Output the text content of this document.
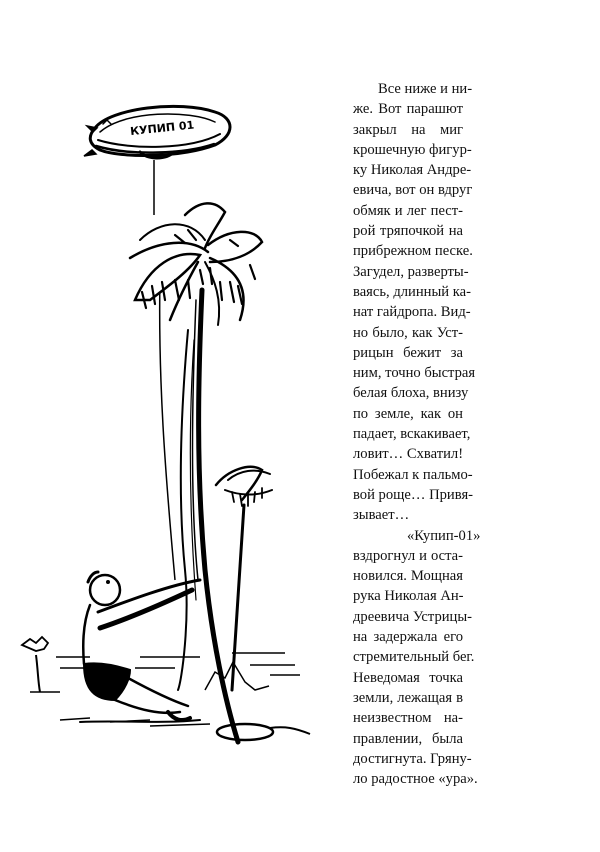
КУПИП 01

Все ниже и ни-
же. Вот парашют
закрыл на миг
крошечную фигур-
ку Николая Андре-
евича, вот он вдруг
обмяк и лег пест-
рой тряпочкой на
прибрежном песке.
Загудел, разверты-
ваясь, длинный ка-
нат гайдропа. Вид-
но было, как Уст-
рицын бежит за
ним, точно быстрая
белая блоха, внизу
по земле, как он
падает, вскакивает,
ловит… Схватил!
Побежал к пальмо-
вой роще… Привя-
зывает…

«Купип-01»
вздрогнул и оста-
новился. Мощная
рука Николая Ан-
дреевича Устрицы-
на задержала его
стремительный бег.
Неведомая точка
земли, лежащая в
неизвестном на-
правлении, была
достигнута. Гряну-
ло радостное «ура».
